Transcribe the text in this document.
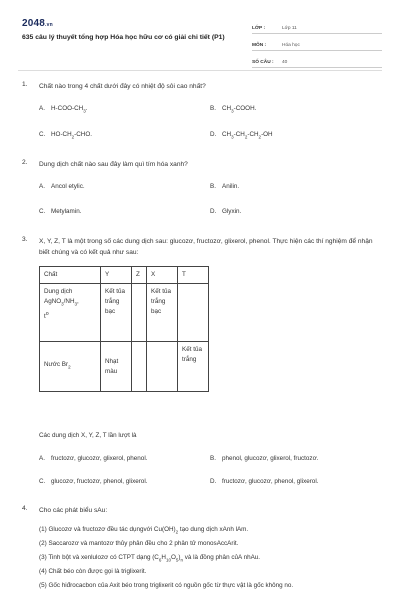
2048.vn
635 câu lý thuyết tổng hợp Hóa học hữu cơ có giải chi tiết (P1)
LỚP :	Lớp 11
MÔN :	Hóa học
SỐ CÂU :	40
1.	Chất nào trong 4 chất dưới đây có nhiệt độ sôi cao nhất?
A. $H-COO-CH_3$.	B. $CH_3$-COOH.
C. $HO-CH_2$-CHO.	D. $CH_3-CH_2-CH_2-OH$
2.	Dung dịch chất nào sau đây làm quì tím hóa xanh?
A. Ancol etylic.	B. Anilin.
C. Metylamin.	D. Glyxin.
3.	X, Y, Z, T là một trong số các dung dịch sau: glucozơ, fructozơ, glixerol, phenol. Thực hiện các thí nghiệm để nhận biết chúng và có kết quả như sau:
Chất	Y	Z	X	T
Dung dịch $AgNO_3/NH_3$,
$t^o$	Kết tủa trắng bạc		Kết tủa trắng bạc	
Nước $Br_2$	Nhạt màu			Kết tủa trắng
Các dung dịch X, Y, Z, T lần lượt là
A. fructozơ, glucozơ, glixerol, phenol.	B. phenol, glucozơ, glixerol, fructozơ.
C. glucozơ, fructozơ, phenol, glixerol.	D. fructozơ, glucozơ, phenol, glixerol.
4.	Cho các phát biểu sAu:
(1) Glucozơ và fructozơ đều tác dụngvới $Cu(OH)_2$ tạo dung dịch xAnh lAm.
(2) Saccarozơ và mantozơ thủy phân đều cho 2 phân tử monosAccArit.
(3) Tinh bột và xenlulozơ có CTPT dạng $(C_6H_{10}O_5)_n$ và là đồng phân củA nhAu.
(4) Chất béo còn được gọi là triglixerit.
(5) Gốc hiđrocacbon của Axit béo trong triglixerit có nguồn gốc từ thực vật là gốc không no.
